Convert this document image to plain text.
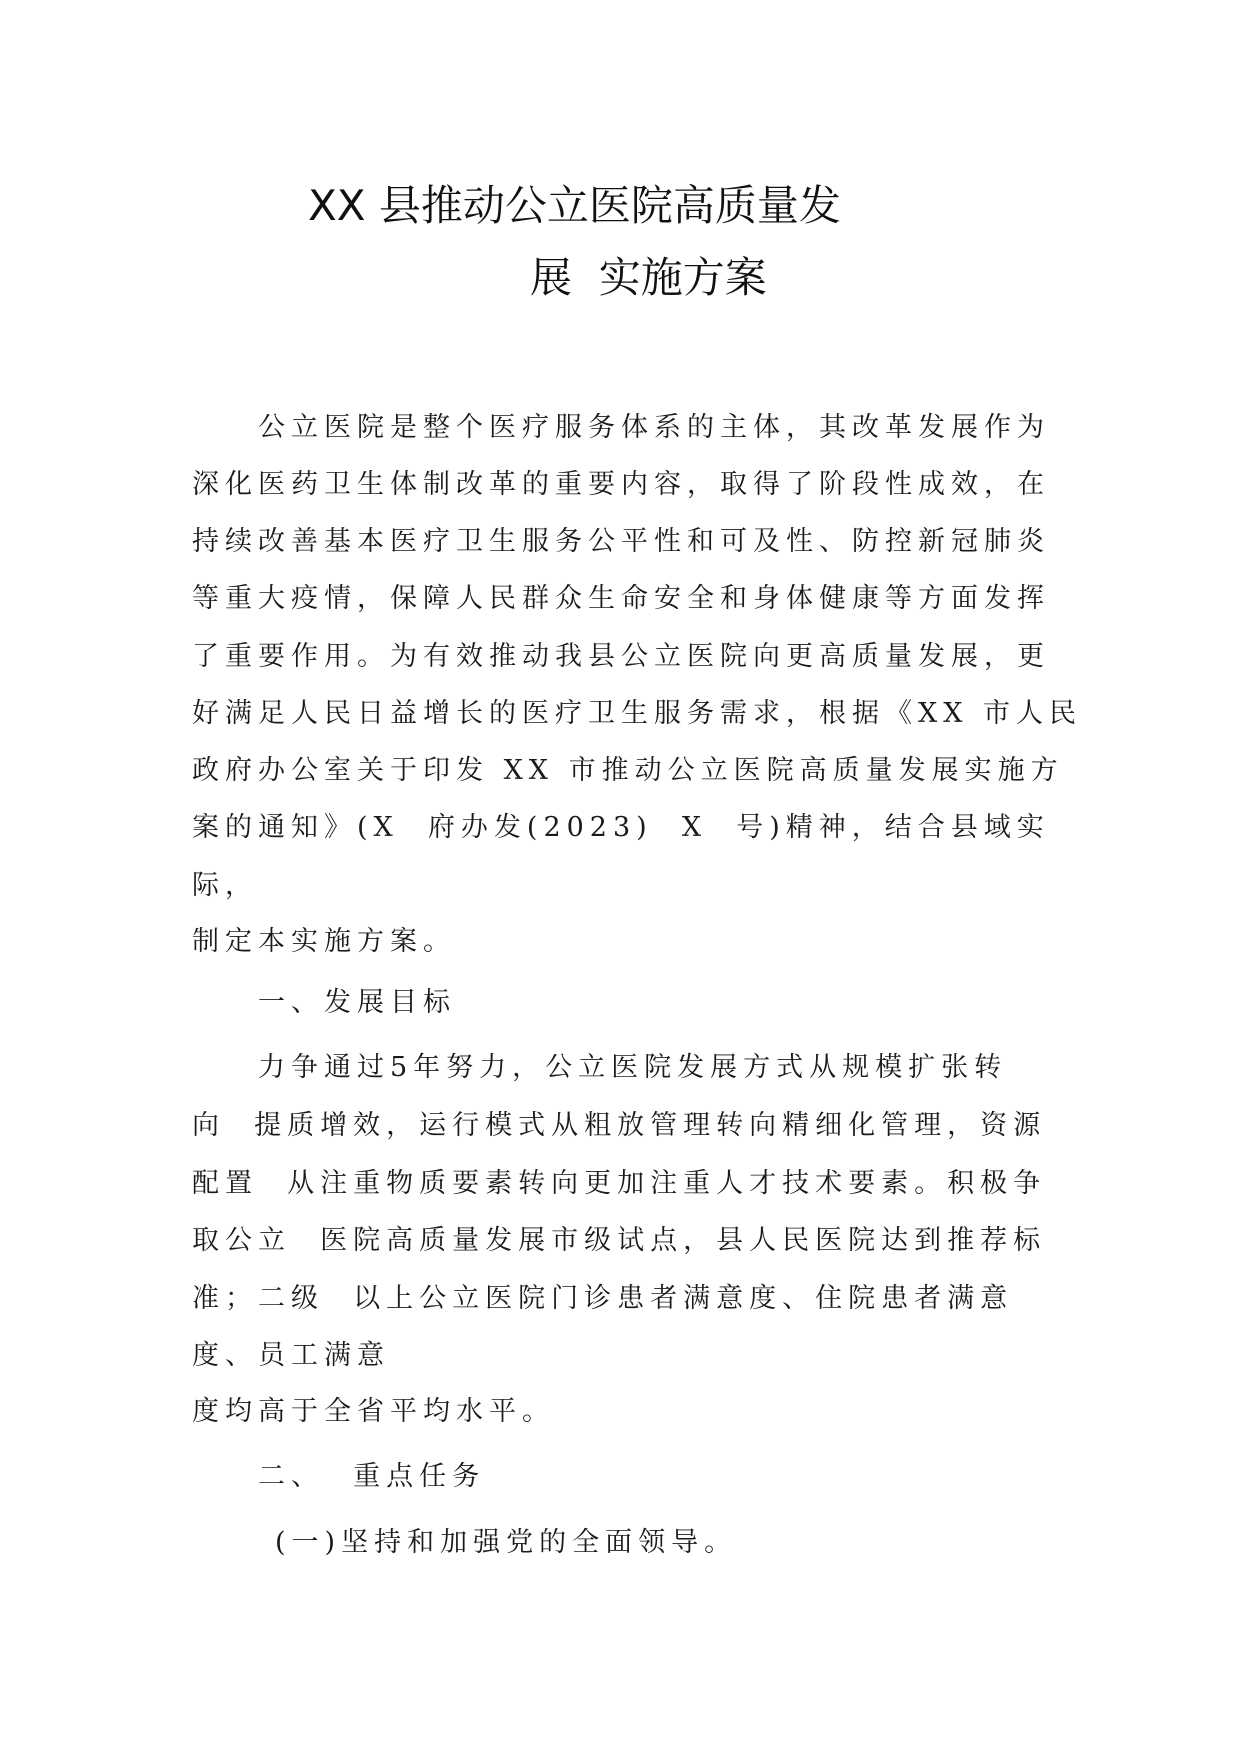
XX 县推动公立医院高质量发
展  实施方案
公立医院是整个医疗服务体系的主体，其改革发展作为
深化医药卫生体制改革的重要内容，取得了阶段性成效，在
持续改善基本医疗卫生服务公平性和可及性、防控新冠肺炎
等重大疫情，保障人民群众生命安全和身体健康等方面发挥
了重要作用。为有效推动我县公立医院向更高质量发展，更
好满足人民日益增长的医疗卫生服务需求，根据《XX 市人民
政府办公室关于印发 XX 市推动公立医院高质量发展实施方
案的通知》(X  府办发(2023)  X  号)精神，结合县域实
际，
制定本实施方案。
一、发展目标
力争通过5年努力，公立医院发展方式从规模扩张转
向  提质增效，运行模式从粗放管理转向精细化管理，资源
配置  从注重物质要素转向更加注重人才技术要素。积极争
取公立  医院高质量发展市级试点，县人民医院达到推荐标
准；二级  以上公立医院门诊患者满意度、住院患者满意
度、员工满意
度均高于全省平均水平。
二、  重点任务
(一)坚持和加强党的全面领导。
